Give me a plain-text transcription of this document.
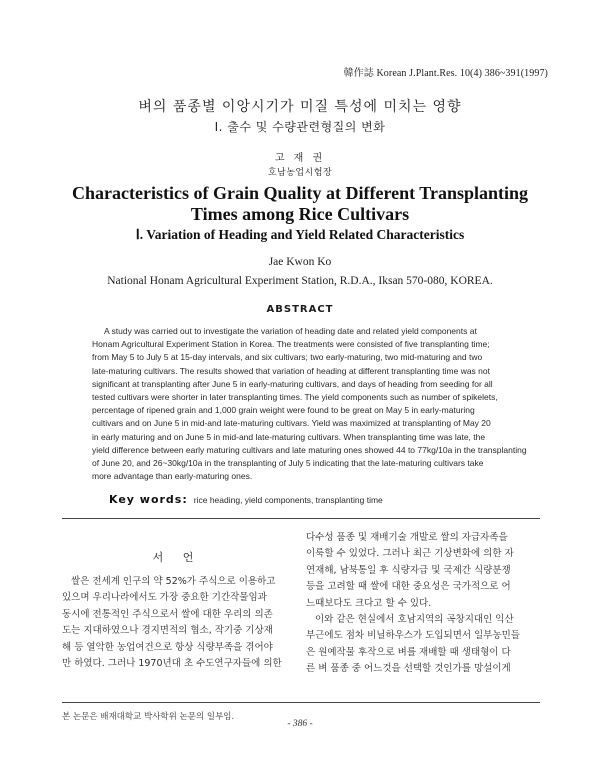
韓作誌 Korean J.Plant.Res. 10(4) 386~391(1997)
벼의 품종별 이앙시기가 미질 특성에 미치는 영향
Ⅰ. 출수 및 수량관련형질의 변화
고 재 권
호남농업시험장
Characteristics of Grain Quality at Different Transplanting
Times among Rice Cultivars
Ⅰ. Variation of Heading and Yield Related Characteristics
Jae Kwon Ko
National Honam Agricultural Experiment Station, R.D.A., Iksan 570-080, KOREA.
ABSTRACT
A study was carried out to investigate the variation of heading date and related yield components at
Honam Agricultural Experiment Station in Korea. The treatments were consisted of five transplanting time;
from May 5 to July 5 at 15-day intervals, and six cultivars; two early-maturing, two mid-maturing and two
late-maturing cultivars. The results showed that variation of heading at different transplanting time was not
significant at transplanting after June 5 in early-maturing cultivars, and days of heading from seeding for all
tested cultivars were shorter in later transplanting times. The yield components such as number of spikelets,
percentage of ripened grain and 1,000 grain weight were found to be great on May 5 in early-maturing
cultivars and on June 5 in mid-and late-maturing cultivars. Yield was maximized at transplanting of May 20
in early maturing and on June 5 in mid-and late-maturing cultivars. When transplanting time was late, the
yield difference between early maturing cultivars and late maturing ones showed 44 to 77kg/10a in the transplanting
of June 20, and 26~30kg/10a in the transplanting of July 5 indicating that the late-maturing cultivars take
more advantage than early-maturing ones.
Key words: rice heading, yield components, transplanting time
서 언
쌀은 전세계 인구의 약 52%가 주식으로 이용하고
있으며 우리나라에서도 가장 중요한 기간작물임과
동시에 전통적인 주식으로서 쌀에 대한 우리의 의존
도는 지대하였으나 경지면적의 협소, 작기중 기상재
해 등 열악한 농업여건으로 항상 식량부족을 겪어야
만 하였다. 그러나 1970년대 초 수도연구자들에 의한
다수성 품종 및 재배기술 개발로 쌀의 자급자족을
이룩할 수 있었다. 그러나 최근 기상변화에 의한 자
연재해, 남북통일 후 식량자급 및 국제간 식량분쟁
등을 고려할 때 쌀에 대한 중요성은 국가적으로 어
느때보다도 크다고 할 수 있다.
이와 같은 현실에서 호남지역의 곡창지대인 익산
부근에도 점차 비닐하우스가 도입되면서 일부농민들
은 원예작물 후작으로 벼를 재배할 때 생태형이 다
른 벼 품종 중 어느것을 선택할 것인가를 망설이게
본 논문은 배재대학교 박사학위 논문의 일부임.
- 386 -
